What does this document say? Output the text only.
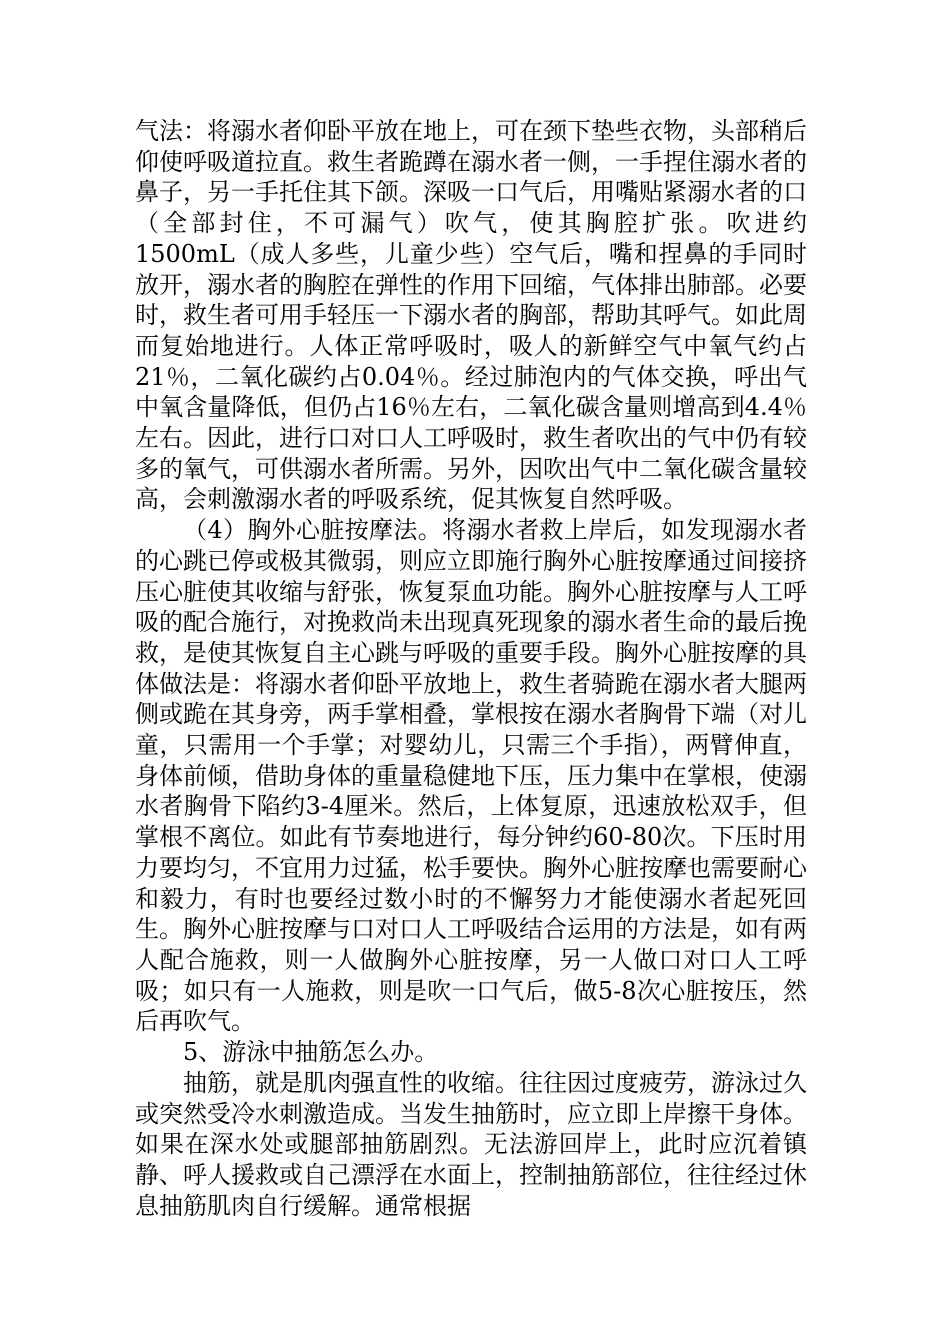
气法：将溺水者仰卧平放在地上，可在颈下垫些衣物，头部稍后仰使呼吸道拉直。救生者跪蹲在溺水者一侧，一手捏住溺水者的鼻子，另一手托住其下颌。深吸一口气后，用嘴贴紧溺水者的口（全部封住，不可漏气）吹气，使其胸腔扩张。吹进约1500mL（成人多些，儿童少些）空气后，嘴和捏鼻的手同时放开，溺水者的胸腔在弹性的作用下回缩，气体排出肺部。必要时，救生者可用手轻压一下溺水者的胸部，帮助其呼气。如此周而复始地进行。人体正常呼吸时，吸人的新鲜空气中氧气约占21％，二氧化碳约占0.04％。经过肺泡内的气体交换，呼出气中氧含量降低，但仍占16％左右，二氧化碳含量则增高到4.4％左右。因此，进行口对口人工呼吸时，救生者吹出的气中仍有较多的氧气，可供溺水者所需。另外，因吹出气中二氧化碳含量较高，会刺激溺水者的呼吸系统，促其恢复自然呼吸。

（4）胸外心脏按摩法。将溺水者救上岸后，如发现溺水者的心跳已停或极其微弱，则应立即施行胸外心脏按摩通过间接挤压心脏使其收缩与舒张，恢复泵血功能。胸外心脏按摩与人工呼吸的配合施行，对挽救尚未出现真死现象的溺水者生命的最后挽救，是使其恢复自主心跳与呼吸的重要手段。胸外心脏按摩的具体做法是：将溺水者仰卧平放地上，救生者骑跪在溺水者大腿两侧或跪在其身旁，两手掌相叠，掌根按在溺水者胸骨下端（对儿童，只需用一个手掌；对婴幼儿，只需三个手指），两臂伸直，身体前倾，借助身体的重量稳健地下压，压力集中在掌根，使溺水者胸骨下陷约3-4厘米。然后，上体复原，迅速放松双手，但掌根不离位。如此有节奏地进行，每分钟约60-80次。下压时用力要均匀，不宜用力过猛，松手要快。胸外心脏按摩也需要耐心和毅力，有时也要经过数小时的不懈努力才能使溺水者起死回生。胸外心脏按摩与口对口人工呼吸结合运用的方法是，如有两人配合施救，则一人做胸外心脏按摩，另一人做口对口人工呼吸；如只有一人施救，则是吹一口气后，做5-8次心脏按压，然后再吹气。

5、游泳中抽筋怎么办。

抽筋，就是肌肉强直性的收缩。往往因过度疲劳，游泳过久或突然受冷水刺激造成。当发生抽筋时，应立即上岸擦干身体。如果在深水处或腿部抽筋剧烈。无法游回岸上，此时应沉着镇静、呼人援救或自己漂浮在水面上，控制抽筋部位，往往经过休息抽筋肌肉自行缓解。通常根据
